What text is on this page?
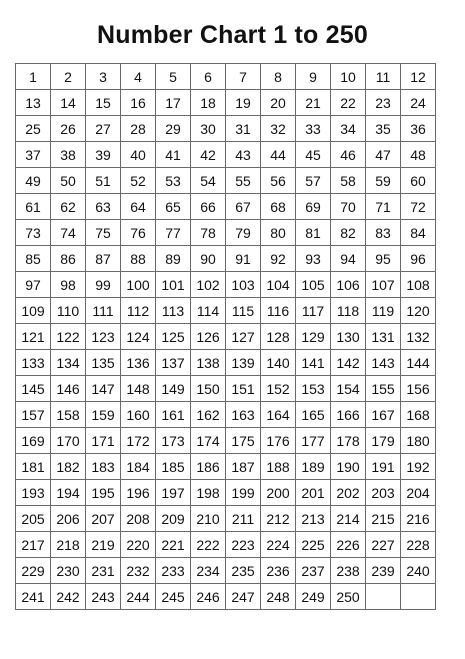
Number Chart 1 to 250
1	2	3	4	5	6	7	8	9	10	11	12
13	14	15	16	17	18	19	20	21	22	23	24
25	26	27	28	29	30	31	32	33	34	35	36
37	38	39	40	41	42	43	44	45	46	47	48
49	50	51	52	53	54	55	56	57	58	59	60
61	62	63	64	65	66	67	68	69	70	71	72
73	74	75	76	77	78	79	80	81	82	83	84
85	86	87	88	89	90	91	92	93	94	95	96
97	98	99	100	101	102	103	104	105	106	107	108
109	110	111	112	113	114	115	116	117	118	119	120
121	122	123	124	125	126	127	128	129	130	131	132
133	134	135	136	137	138	139	140	141	142	143	144
145	146	147	148	149	150	151	152	153	154	155	156
157	158	159	160	161	162	163	164	165	166	167	168
169	170	171	172	173	174	175	176	177	178	179	180
181	182	183	184	185	186	187	188	189	190	191	192
193	194	195	196	197	198	199	200	201	202	203	204
205	206	207	208	209	210	211	212	213	214	215	216
217	218	219	220	221	222	223	224	225	226	227	228
229	230	231	232	233	234	235	236	237	238	239	240
241	242	243	244	245	246	247	248	249	250		
